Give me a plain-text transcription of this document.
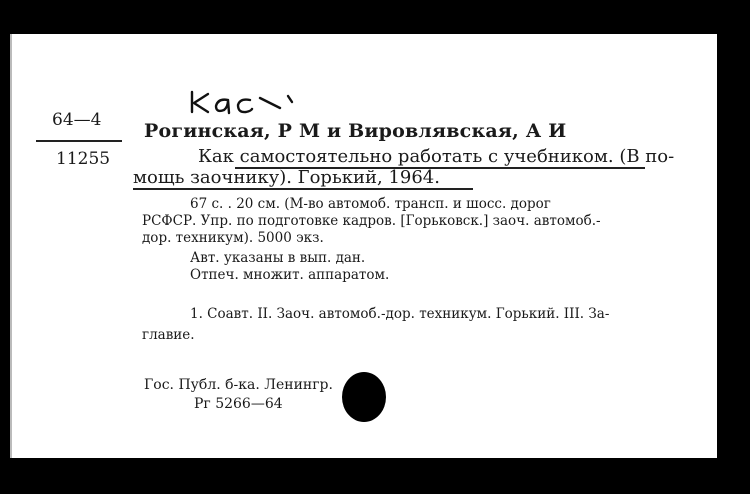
64—4
11255
Рогинская, Р М и Вировлявская, А И
Как самостоятельно работать с учебником. (В по-
мощь заочнику). Горький, 1964.
67 с. . 20 см. (М-во автомоб. трансп. и шосс. дорог
РСФСР. Упр. по подготовке кадров. [Горьковск.] заоч. автомоб.-
дор. техникум). 5000 экз.
Авт. указаны в вып. дан.
Отпеч. множит. аппаратом.
1. Соавт. II. Заоч. автомоб.-дор. техникум. Горький. III. За-
главие.
Гос. Публ. б-ка. Ленингр.
Рг 5266—64
